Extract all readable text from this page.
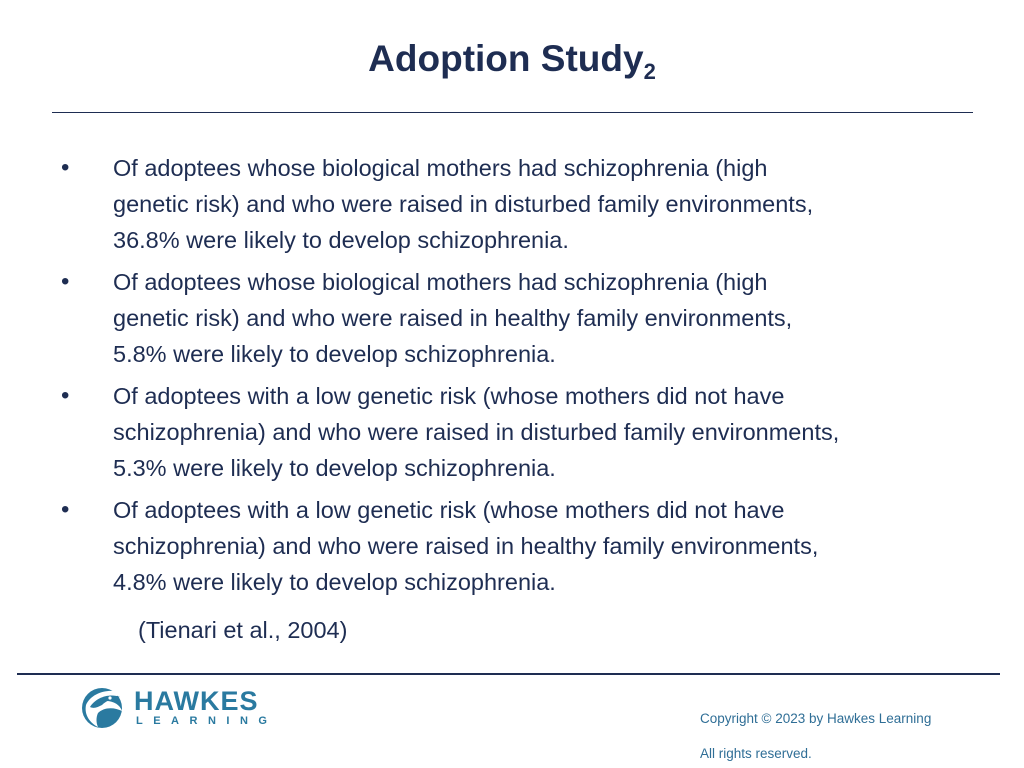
Adoption Study$_2$
• Of adoptees whose biological mothers had schizophrenia (high
genetic risk) and who were raised in disturbed family environments,
36.8% were likely to develop schizophrenia.
• Of adoptees whose biological mothers had schizophrenia (high
genetic risk) and who were raised in healthy family environments,
5.8% were likely to develop schizophrenia.
• Of adoptees with a low genetic risk (whose mothers did not have
schizophrenia) and who were raised in disturbed family environments,
5.3% were likely to develop schizophrenia.
• Of adoptees with a low genetic risk (whose mothers did not have
schizophrenia) and who were raised in healthy family environments,
4.8% were likely to develop schizophrenia.
(Tienari et al., 2004)
HAWKES
LEARNING	Copyright © 2023 by Hawkes Learning
All rights reserved.
